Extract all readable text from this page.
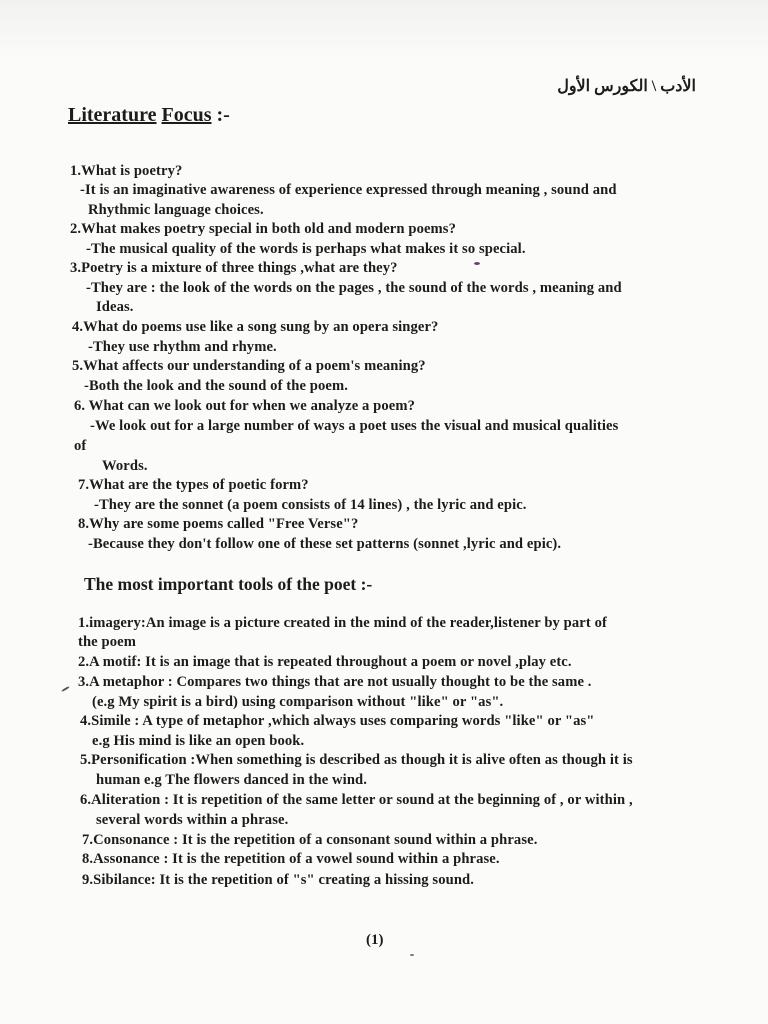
الأدب \ الكورس الأول
Literature Focus :-
1.What is poetry?
-It is an imaginative awareness of experience expressed through meaning , sound and
Rhythmic language choices.
2.What makes poetry special in both old and modern poems?
-The musical quality of the words is perhaps what makes it so special.
3.Poetry is a mixture of three things ,what are they?
-They are : the look of the words on the pages , the sound of the words , meaning and
Ideas.
4.What do poems use like a song sung by an opera singer?
-They use rhythm and rhyme.
5.What affects our understanding of a poem's meaning?
-Both the look and the sound of the poem.
6. What can we look out for when we analyze a poem?
-We look out for a large number of ways a poet uses the visual and musical qualities
of
Words.
7.What are the types of poetic form?
-They are the sonnet (a poem consists of 14 lines) , the lyric and epic.
8.Why are some poems called "Free Verse"?
-Because they don't follow one of these set patterns (sonnet ,lyric and epic).
The most important tools of the poet :-
1.imagery:An image is a picture created in the mind of the reader,listener by part of
the poem
2.A motif: It is an image that is repeated throughout a poem or novel ,play etc.
3.A metaphor : Compares two things that are not usually thought to be the same .
(e.g My spirit is a bird) using comparison without "like" or "as".
4.Simile : A type of metaphor ,which always uses comparing words "like" or "as"
e.g His mind is like an open book.
5.Personification :When something is described as though it is alive often as though it is
human e.g The flowers danced in the wind.
6.Aliteration : It is repetition of the same letter or sound at the beginning of , or within ,
several words within a phrase.
7.Consonance : It is the repetition of a consonant sound within a phrase.
8.Assonance : It is the repetition of a vowel sound within a phrase.
9.Sibilance: It is the repetition of "s" creating a hissing sound.
(1)
